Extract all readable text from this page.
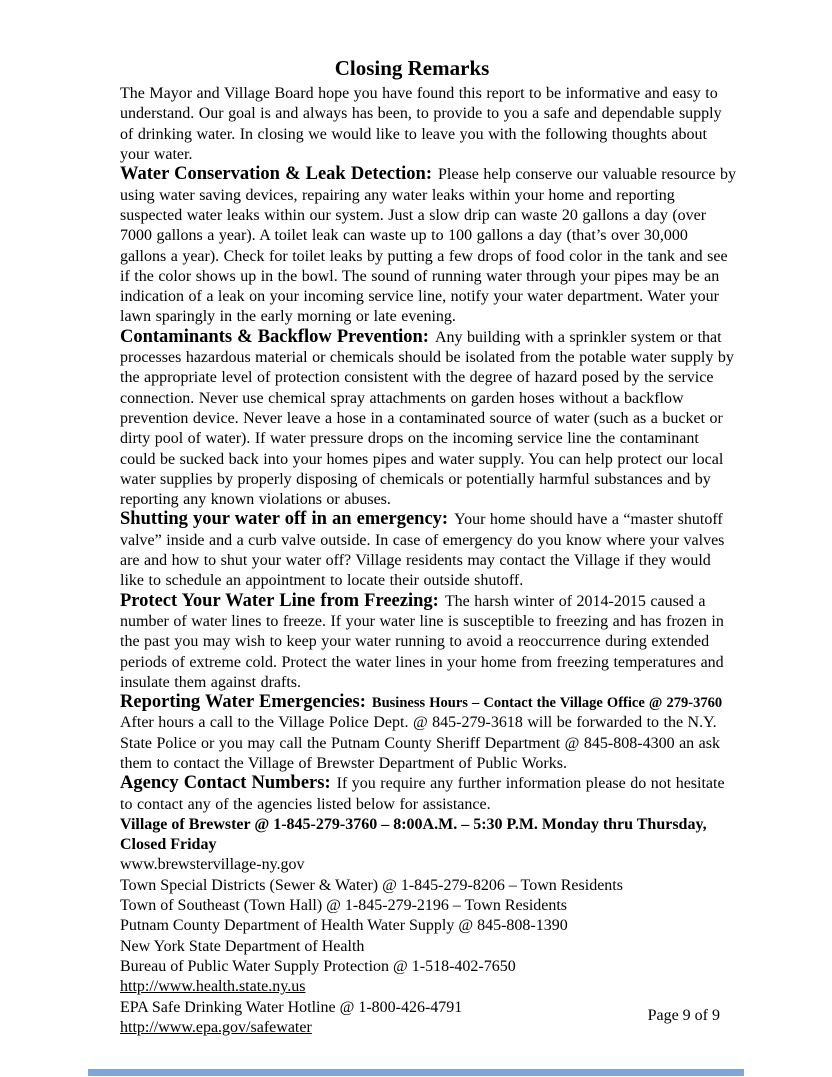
Closing Remarks

The Mayor and Village Board hope you have found this report to be informative and easy to understand. Our goal is and always has been, to provide to you a safe and dependable supply of drinking water. In closing we would like to leave you with the following thoughts about your water.

Water Conservation & Leak Detection: Please help conserve our valuable resource by using water saving devices, repairing any water leaks within your home and reporting suspected water leaks within our system. Just a slow drip can waste 20 gallons a day (over 7000 gallons a year). A toilet leak can waste up to 100 gallons a day (that’s over 30,000 gallons a year). Check for toilet leaks by putting a few drops of food color in the tank and see if the color shows up in the bowl. The sound of running water through your pipes may be an indication of a leak on your incoming service line, notify your water department. Water your lawn sparingly in the early morning or late evening.

Contaminants & Backflow Prevention: Any building with a sprinkler system or that processes hazardous material or chemicals should be isolated from the potable water supply by the appropriate level of protection consistent with the degree of hazard posed by the service connection. Never use chemical spray attachments on garden hoses without a backflow prevention device. Never leave a hose in a contaminated source of water (such as a bucket or dirty pool of water). If water pressure drops on the incoming service line the contaminant could be sucked back into your homes pipes and water supply. You can help protect our local water supplies by properly disposing of chemicals or potentially harmful substances and by reporting any known violations or abuses.

Shutting your water off in an emergency: Your home should have a “master shutoff valve” inside and a curb valve outside. In case of emergency do you know where your valves are and how to shut your water off? Village residents may contact the Village if they would like to schedule an appointment to locate their outside shutoff.

Protect Your Water Line from Freezing: The harsh winter of 2014-2015 caused a number of water lines to freeze. If your water line is susceptible to freezing and has frozen in the past you may wish to keep your water running to avoid a reoccurrence during extended periods of extreme cold. Protect the water lines in your home from freezing temperatures and insulate them against drafts.

Reporting Water Emergencies: Business Hours – Contact the Village Office @ 279-3760
After hours a call to the Village Police Dept. @ 845-279-3618 will be forwarded to the N.Y. State Police or you may call the Putnam County Sheriff Department @ 845-808-4300 an ask them to contact the Village of Brewster Department of Public Works.

Agency Contact Numbers: If you require any further information please do not hesitate to contact any of the agencies listed below for assistance.

Village of Brewster @ 1-845-279-3760 – 8:00A.M. – 5:30 P.M. Monday thru Thursday, Closed Friday
www.brewstervillage-ny.gov
Town Special Districts (Sewer & Water) @ 1-845-279-8206 – Town Residents
Town of Southeast (Town Hall) @ 1-845-279-2196 – Town Residents
Putnam County Department of Health Water Supply @ 845-808-1390
New York State Department of Health
Bureau of Public Water Supply Protection @ 1-518-402-7650
http://www.health.state.ny.us
EPA Safe Drinking Water Hotline @ 1-800-426-4791
http://www.epa.gov/safewater
Page 9 of 9
